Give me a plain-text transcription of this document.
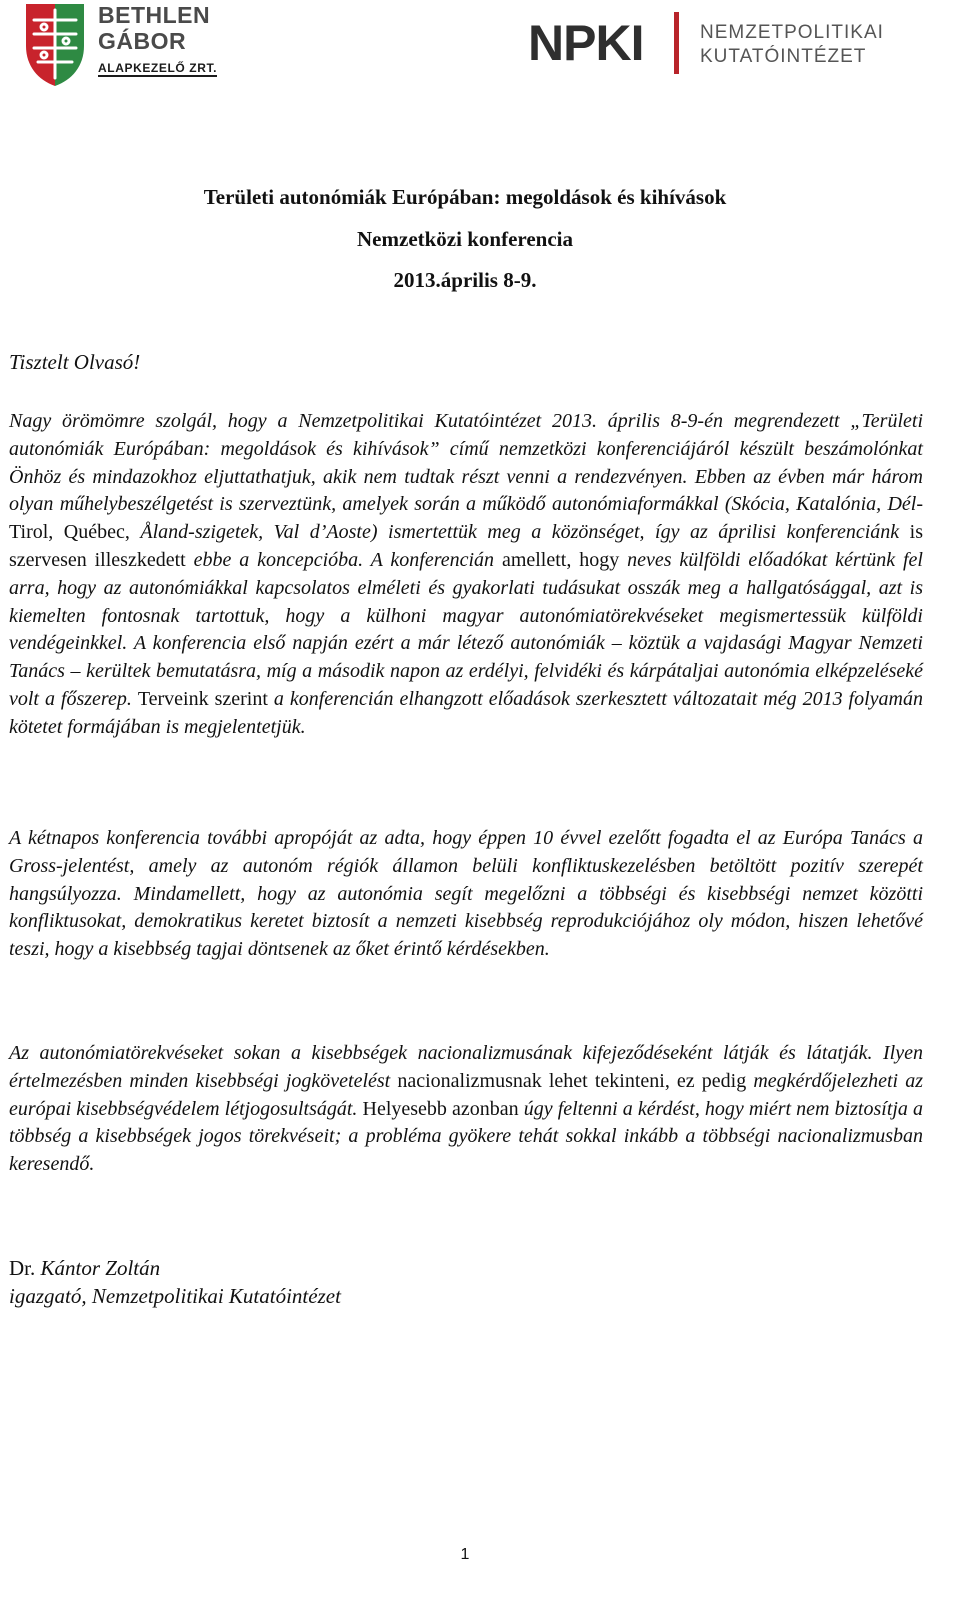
BETHLEN
GÁBOR
ALAPKEZELŐ ZRT.	NPKI	NEMZETPOLITIKAI
KUTATÓINTÉZET
Területi autonómiák Európában: megoldások és kihívások
Nemzetközi konferencia
2013.április 8-9.
Tisztelt Olvasó!

Nagy örömömre szolgál, hogy a Nemzetpolitikai Kutatóintézet 2013. április 8-9-én megrendezett „Területi autonómiák Európában: megoldások és kihívások” című nemzetközi konferenciájáról készült beszámolónkat Önhöz és mindazokhoz eljuttathatjuk, akik nem tudtak részt venni a rendezvényen. Ebben az évben már három olyan műhelybeszélgetést is szerveztünk, amelyek során a működő autonómiaformákkal (Skócia, Katalónia, Dél-Tirol, Québec, Åland-szigetek, Val d’Aoste) ismertettük meg a közönséget, így az áprilisi konferenciánk is szervesen illeszkedett ebbe a koncepcióba. A konferencián amellett, hogy neves külföldi előadókat kértünk fel arra, hogy az autonómiákkal kapcsolatos elméleti és gyakorlati tudásukat osszák meg a hallgatósággal, azt is kiemelten fontosnak tartottuk, hogy a külhoni magyar autonómiatörekvéseket megismertessük külföldi vendégeinkkel. A konferencia első napján ezért a már létező autonómiák – köztük a vajdasági Magyar Nemzeti Tanács – kerültek bemutatásra, míg a második napon az erdélyi, felvidéki és kárpátaljai autonómia elképzeléseké volt a főszerep. Terveink szerint a konferencián elhangzott előadások szerkesztett változatait még 2013 folyamán kötetet formájában is megjelentetjük.

A kétnapos konferencia további apropóját az adta, hogy éppen 10 évvel ezelőtt fogadta el az Európa Tanács a Gross-jelentést, amely az autonóm régiók államon belüli konfliktuskezelésben betöltött pozitív szerepét hangsúlyozza. Mindamellett, hogy az autonómia segít megelőzni a többségi és kisebbségi nemzet közötti konfliktusokat, demokratikus keretet biztosít a nemzeti kisebbség reprodukciójához oly módon, hiszen lehetővé teszi, hogy a kisebbség tagjai döntsenek az őket érintő kérdésekben.

Az autonómiatörekvéseket sokan a kisebbségek nacionalizmusának kifejeződéseként látják és látatják. Ilyen értelmezésben minden kisebbségi jogkövetelést nacionalizmusnak lehet tekinteni, ez pedig megkérdőjelezheti az európai kisebbségvédelem létjogosultságát. Helyesebb azonban úgy feltenni a kérdést, hogy miért nem biztosítja a többség a kisebbségek jogos törekvéseit; a probléma gyökere tehát sokkal inkább a többségi nacionalizmusban keresendő.

Dr. Kántor Zoltán
igazgató, Nemzetpolitikai Kutatóintézet
1
